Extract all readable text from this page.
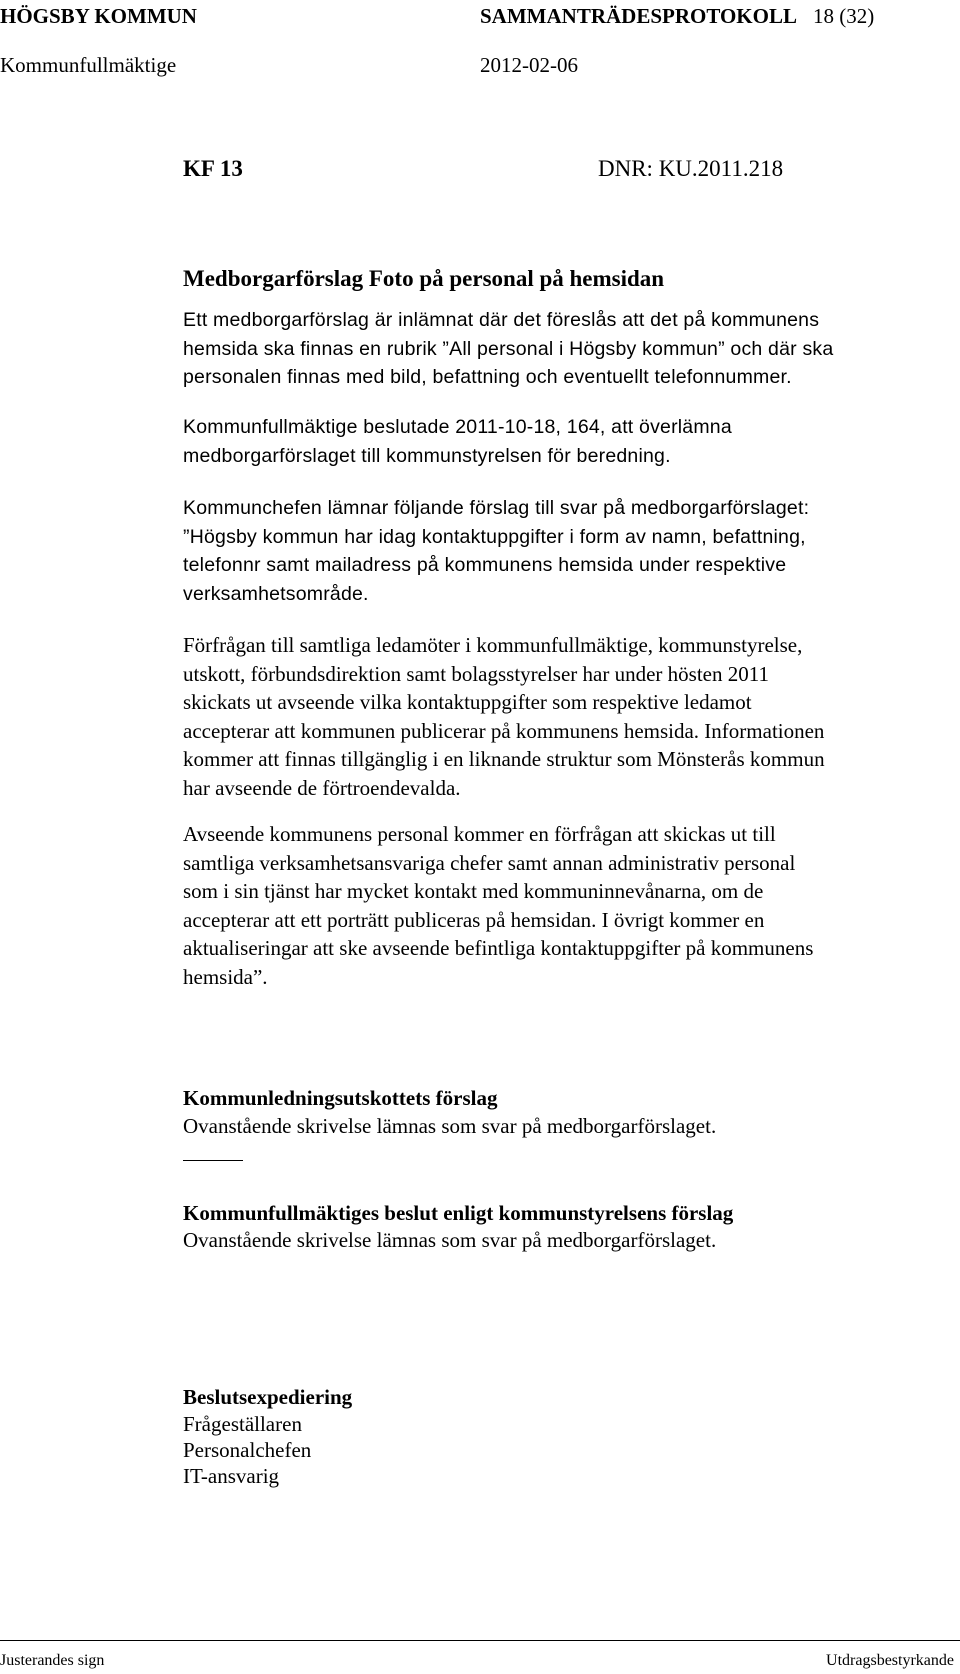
HÖGSBY KOMMUN	SAMMANTRÄDESPROTOKOLL 18 (32)
Kommunfullmäktige	2012-02-06
KF 13	DNR: KU.2011.218
Medborgarförslag Foto på personal på hemsidan
Ett medborgarförslag är inlämnat där det föreslås att det på kommunens
hemsida ska finnas en rubrik ”All personal i Högsby kommun” och där ska
personalen finnas med bild, befattning och eventuellt telefonnummer.
Kommunfullmäktige beslutade 2011-10-18, 164, att överlämna
medborgarförslaget till kommunstyrelsen för beredning.
Kommunchefen lämnar följande förslag till svar på medborgarförslaget:
”Högsby kommun har idag kontaktuppgifter i form av namn, befattning,
telefonnr samt mailadress på kommunens hemsida under respektive
verksamhetsområde.
Förfrågan till samtliga ledamöter i kommunfullmäktige, kommunstyrelse,
utskott, förbundsdirektion samt bolagsstyrelser har under hösten 2011
skickats ut avseende vilka kontaktuppgifter som respektive ledamot
accepterar att kommunen publicerar på kommunens hemsida. Informationen
kommer att finnas tillgänglig i en liknande struktur som Mönsterås kommun
har avseende de förtroendevalda.
Avseende kommunens personal kommer en förfrågan att skickas ut till
samtliga verksamhetsansvariga chefer samt annan administrativ personal
som i sin tjänst har mycket kontakt med kommuninnevånarna, om de
accepterar att ett porträtt publiceras på hemsidan. I övrigt kommer en
aktualiseringar att ske avseende befintliga kontaktuppgifter på kommunens
hemsida”.
Kommunledningsutskottets förslag
Ovanstående skrivelse lämnas som svar på medborgarförslaget.
Kommunfullmäktiges beslut enligt kommunstyrelsens förslag
Ovanstående skrivelse lämnas som svar på medborgarförslaget.
Beslutsexpediering
Frågeställaren
Personalchefen
IT-ansvarig
Justerandes sign	Utdragsbestyrkande
